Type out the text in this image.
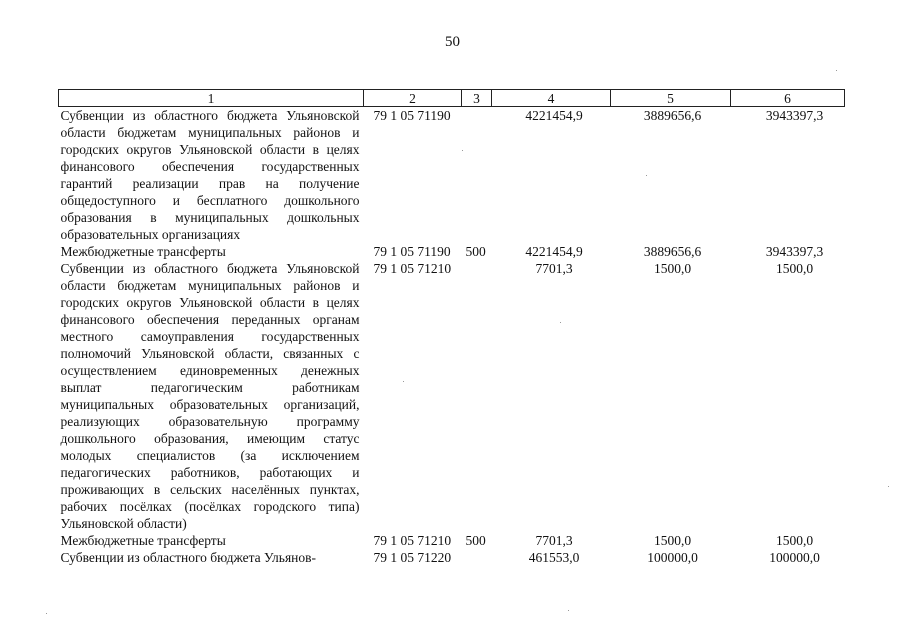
50
1	2	3	4	5	6
Субвенции из областного бюджета Ульяновской области бюджетам муниципальных районов и городских округов Ульяновской области в целях финансового обеспечения государственных гарантий реализации прав на получение общедоступного и бесплатного дошкольного образования в муниципальных дошкольных образовательных организациях	79 1 05 71190		4221454,9	3889656,6	3943397,3
Межбюджетные трансферты	79 1 05 71190	500	4221454,9	3889656,6	3943397,3
Субвенции из областного бюджета Ульяновской области бюджетам муниципальных районов и городских округов Ульяновской области в целях финансового обеспечения переданных органам местного самоуправления государственных полномочий Ульяновской области, связанных с осуществлением единовременных денежных выплат педагогическим работникам муниципальных образовательных организаций, реализующих образовательную программу дошкольного образования, имеющим статус молодых специалистов (за исключением педагогических работников, работающих и проживающих в сельских населённых пунктах, рабочих посёлках (посёлках городского типа) Ульяновской области)	79 1 05 71210		7701,3	1500,0	1500,0
Межбюджетные трансферты	79 1 05 71210	500	7701,3	1500,0	1500,0
Субвенции из областного бюджета Ульянов-	79 1 05 71220		461553,0	100000,0	100000,0
